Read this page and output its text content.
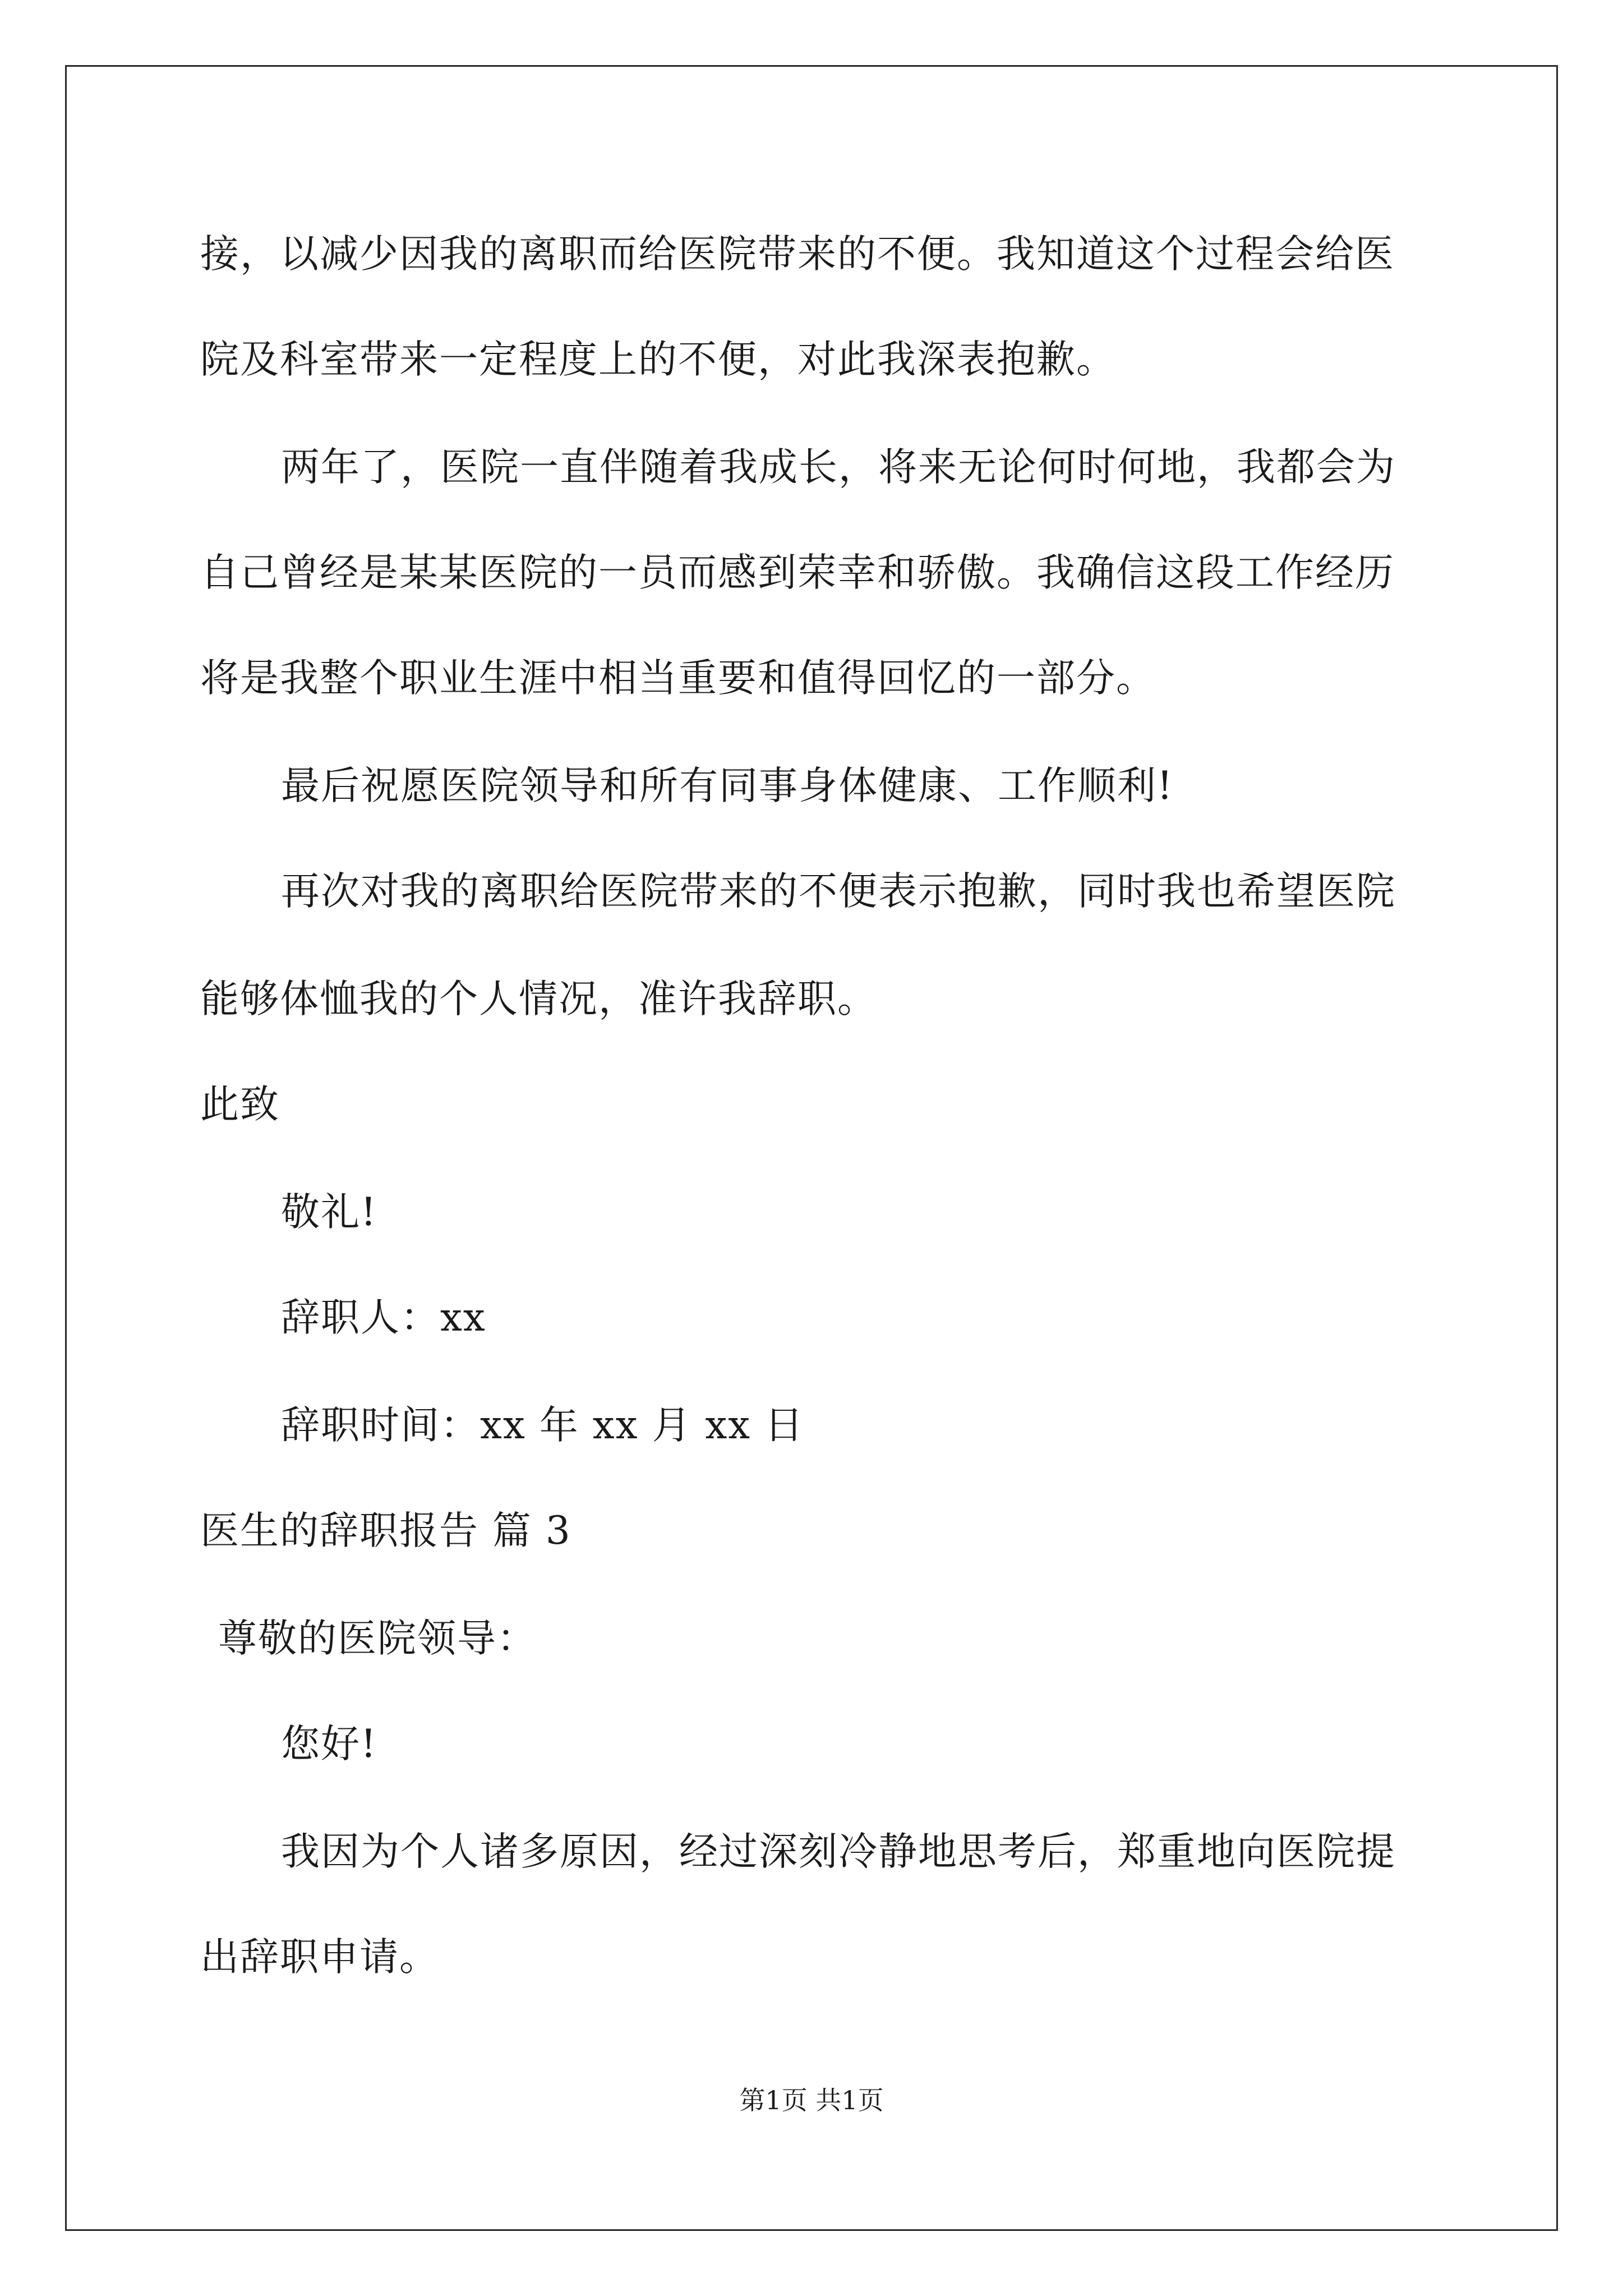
接，以减少因我的离职而给医院带来的不便。我知道这个过程会给医
院及科室带来一定程度上的不便，对此我深表抱歉。
两年了，医院一直伴随着我成长，将来无论何时何地，我都会为
自己曾经是某某医院的一员而感到荣幸和骄傲。我确信这段工作经历
将是我整个职业生涯中相当重要和值得回忆的一部分。
最后祝愿医院领导和所有同事身体健康、工作顺利!
再次对我的离职给医院带来的不便表示抱歉，同时我也希望医院
能够体恤我的个人情况，准许我辞职。
此致
敬礼!
辞职人：xx
辞职时间：xx 年 xx 月 xx 日
医生的辞职报告 篇 3
尊敬的医院领导：
您好!
我因为个人诸多原因，经过深刻冷静地思考后，郑重地向医院提
出辞职申请。
第1页 共1页
